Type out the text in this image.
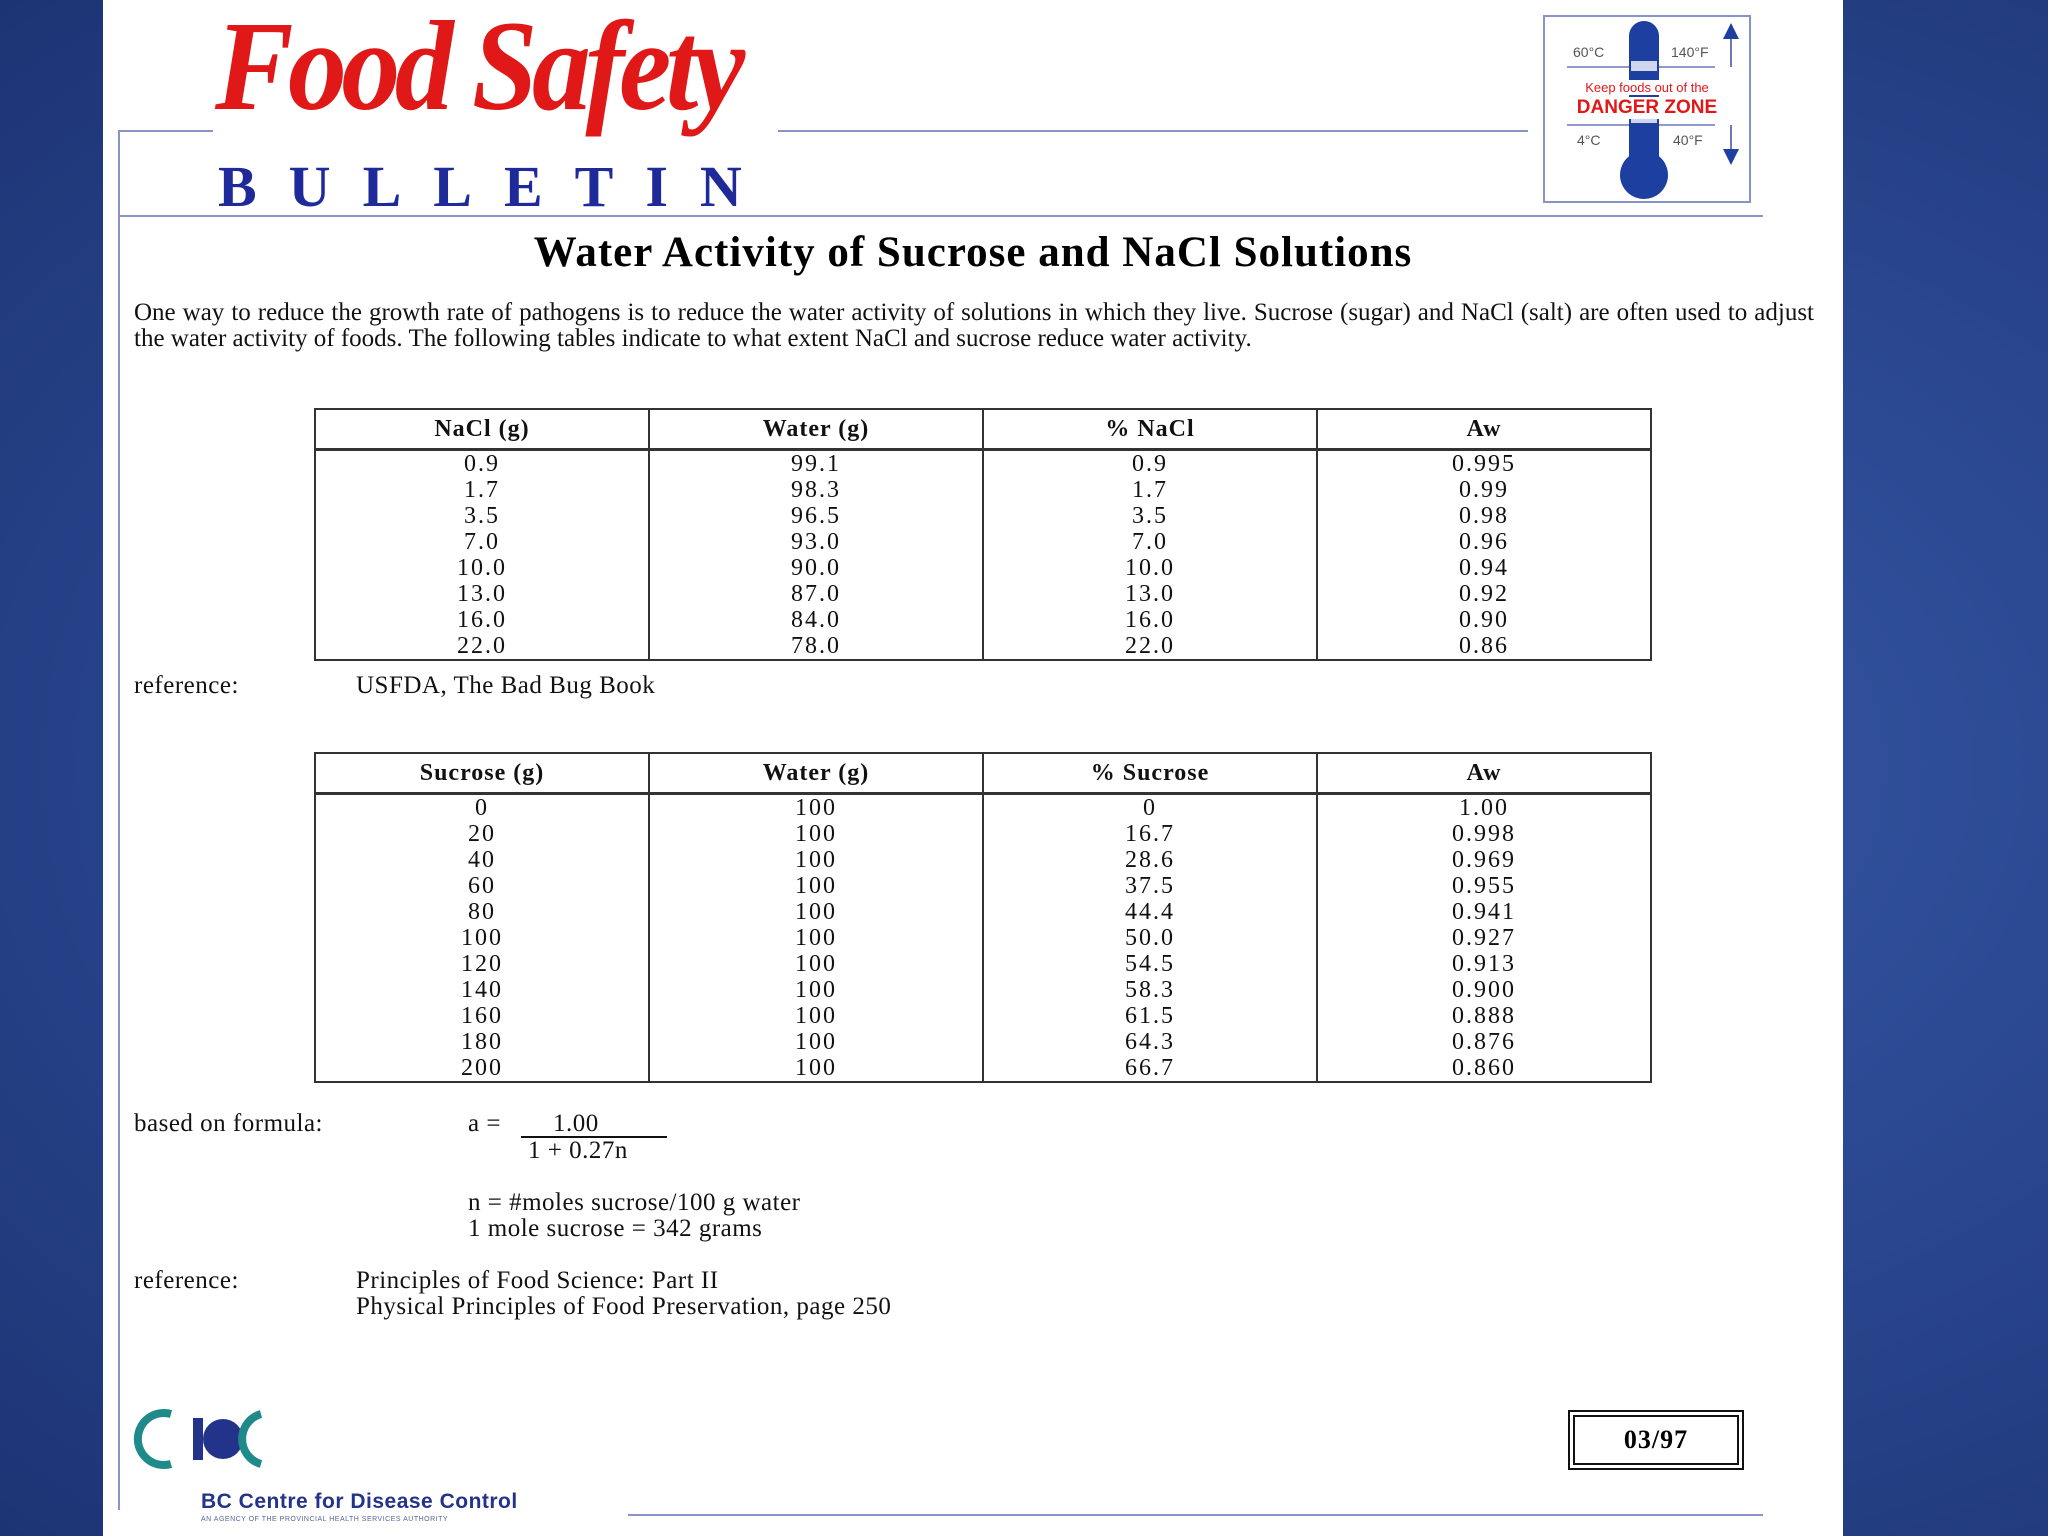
Food Safety
BULLETIN
60°C	140°F
Keep foods out of the
DANGER ZONE
4°C	40°F
Water Activity of Sucrose and NaCl Solutions
One way to reduce the growth rate of pathogens is to reduce the water activity of solutions in which they live. Sucrose (sugar) and NaCl (salt) are often used to adjust the water activity of foods. The following tables indicate to what extent NaCl and sucrose reduce water activity.
NaCl (g)	Water (g)	% NaCl	Aw
0.9	99.1	0.9	0.995
1.7	98.3	1.7	0.99
3.5	96.5	3.5	0.98
7.0	93.0	7.0	0.96
10.0	90.0	10.0	0.94
13.0	87.0	13.0	0.92
16.0	84.0	16.0	0.90
22.0	78.0	22.0	0.86
reference:	USFDA, The Bad Bug Book
Sucrose (g)	Water (g)	% Sucrose	Aw
0	100	0	1.00
20	100	16.7	0.998
40	100	28.6	0.969
60	100	37.5	0.955
80	100	44.4	0.941
100	100	50.0	0.927
120	100	54.5	0.913
140	100	58.3	0.900
160	100	61.5	0.888
180	100	64.3	0.876
200	100	66.7	0.860
based on formula:	a = 1.00
1 + 0.27n
n = #moles sucrose/100 g water
1 mole sucrose = 342 grams
reference:	Principles of Food Science: Part II
Physical Principles of Food Preservation, page 250
BC Centre for Disease Control
AN AGENCY OF THE PROVINCIAL HEALTH SERVICES AUTHORITY
03/97
